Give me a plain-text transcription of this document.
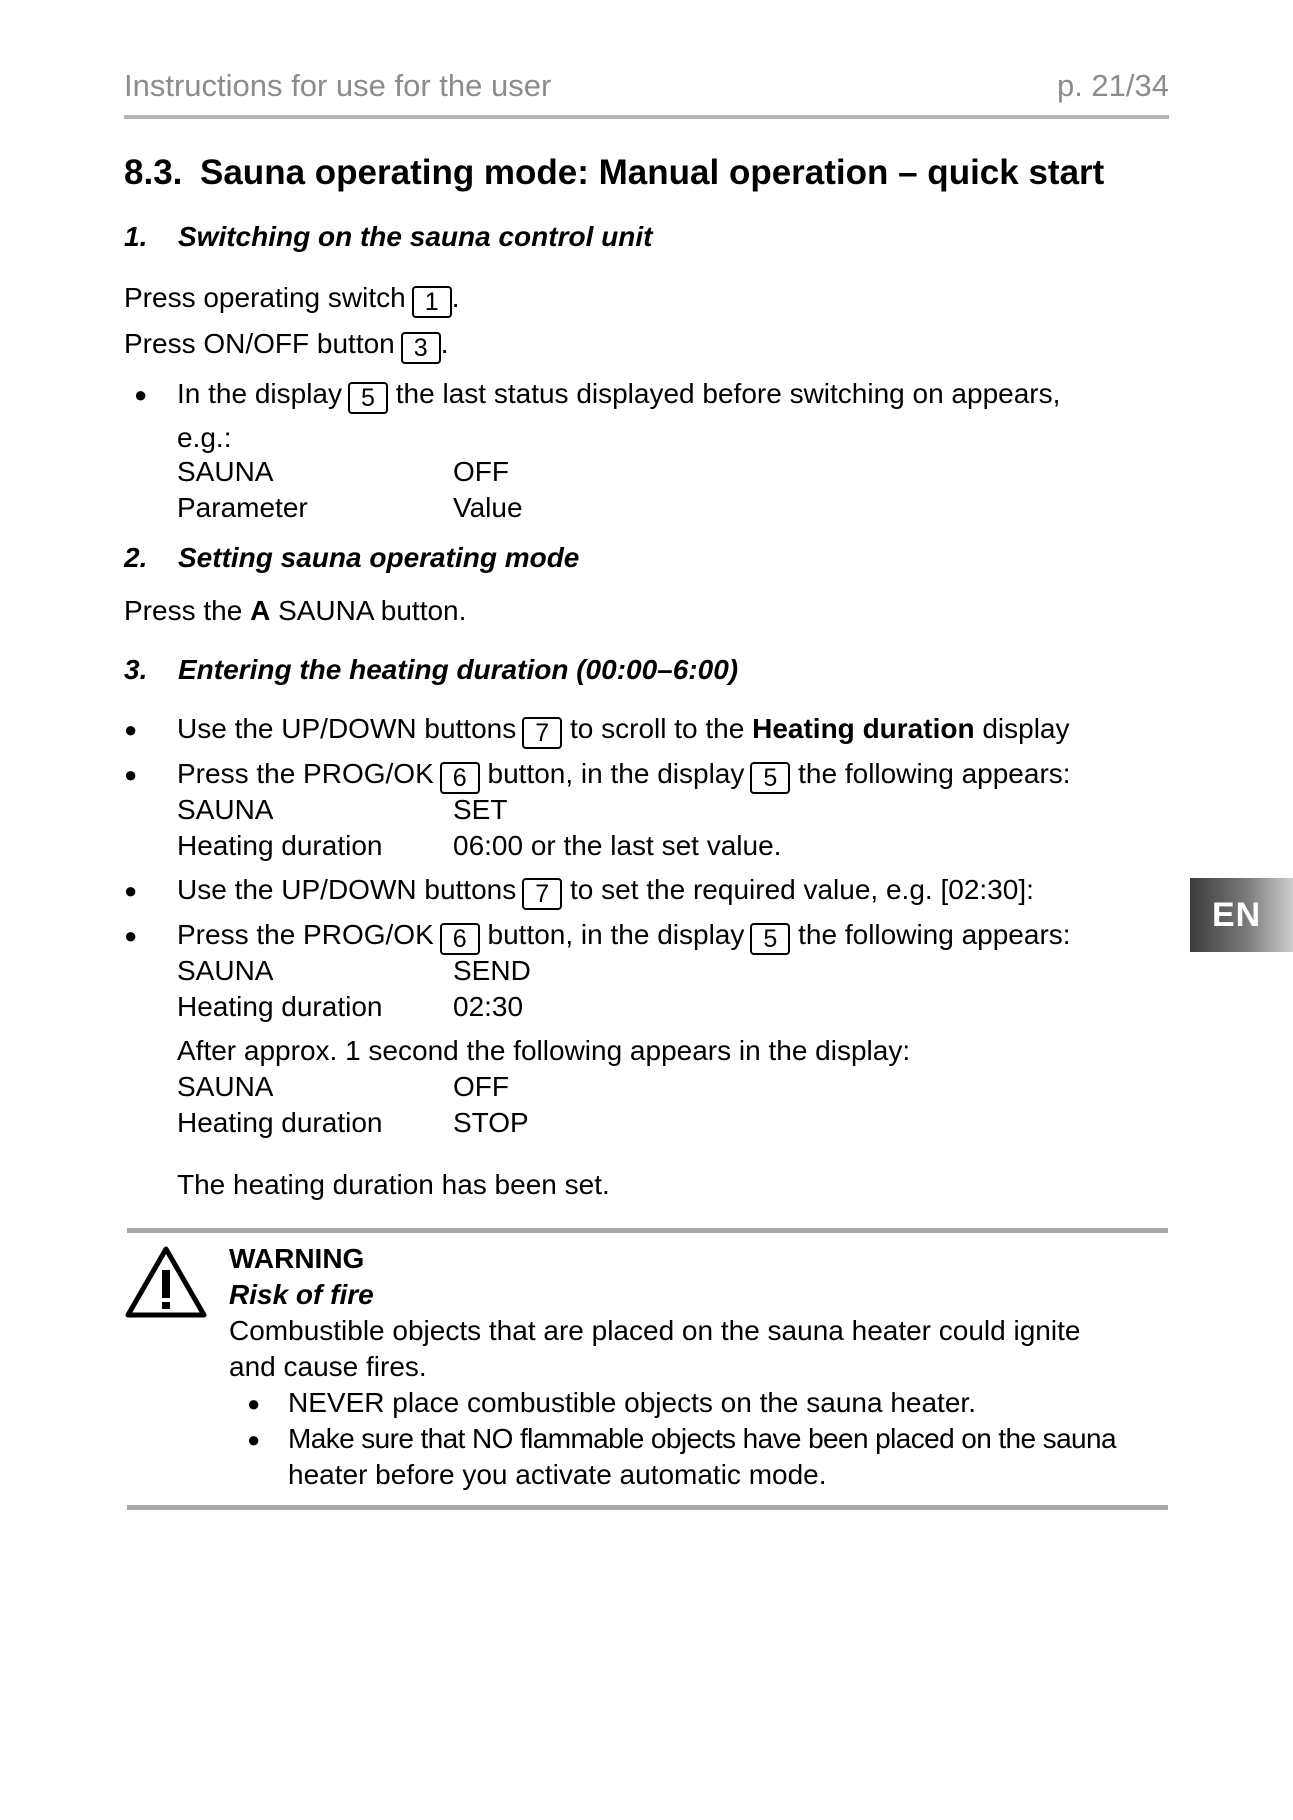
Instructions for use for the user	p. 21/34
8.3. Sauna operating mode: Manual operation – quick start
1. Switching on the sauna control unit
Press operating switch 1 .
Press ON/OFF button 3 .
● In the display 5 the last status displayed before switching on appears,
e.g.:
SAUNA	OFF
Parameter	Value
2. Setting sauna operating mode
Press the A SAUNA button.
3. Entering the heating duration (00:00–6:00)
● Use the UP/DOWN buttons 7 to scroll to the Heating duration display
● Press the PROG/OK 6 button, in the display 5 the following appears:
SAUNA	SET
Heating duration	06:00 or the last set value.
● Use the UP/DOWN buttons 7 to set the required value, e.g. [02:30]:
● Press the PROG/OK 6 button, in the display 5 the following appears:
SAUNA	SEND
Heating duration	02:30
After approx. 1 second the following appears in the display:
SAUNA	OFF
Heating duration	STOP
The heating duration has been set.
WARNING
Risk of fire
Combustible objects that are placed on the sauna heater could ignite
and cause fires.
● NEVER place combustible objects on the sauna heater.
● Make sure that NO flammable objects have been placed on the sauna
heater before you activate automatic mode.
EN
